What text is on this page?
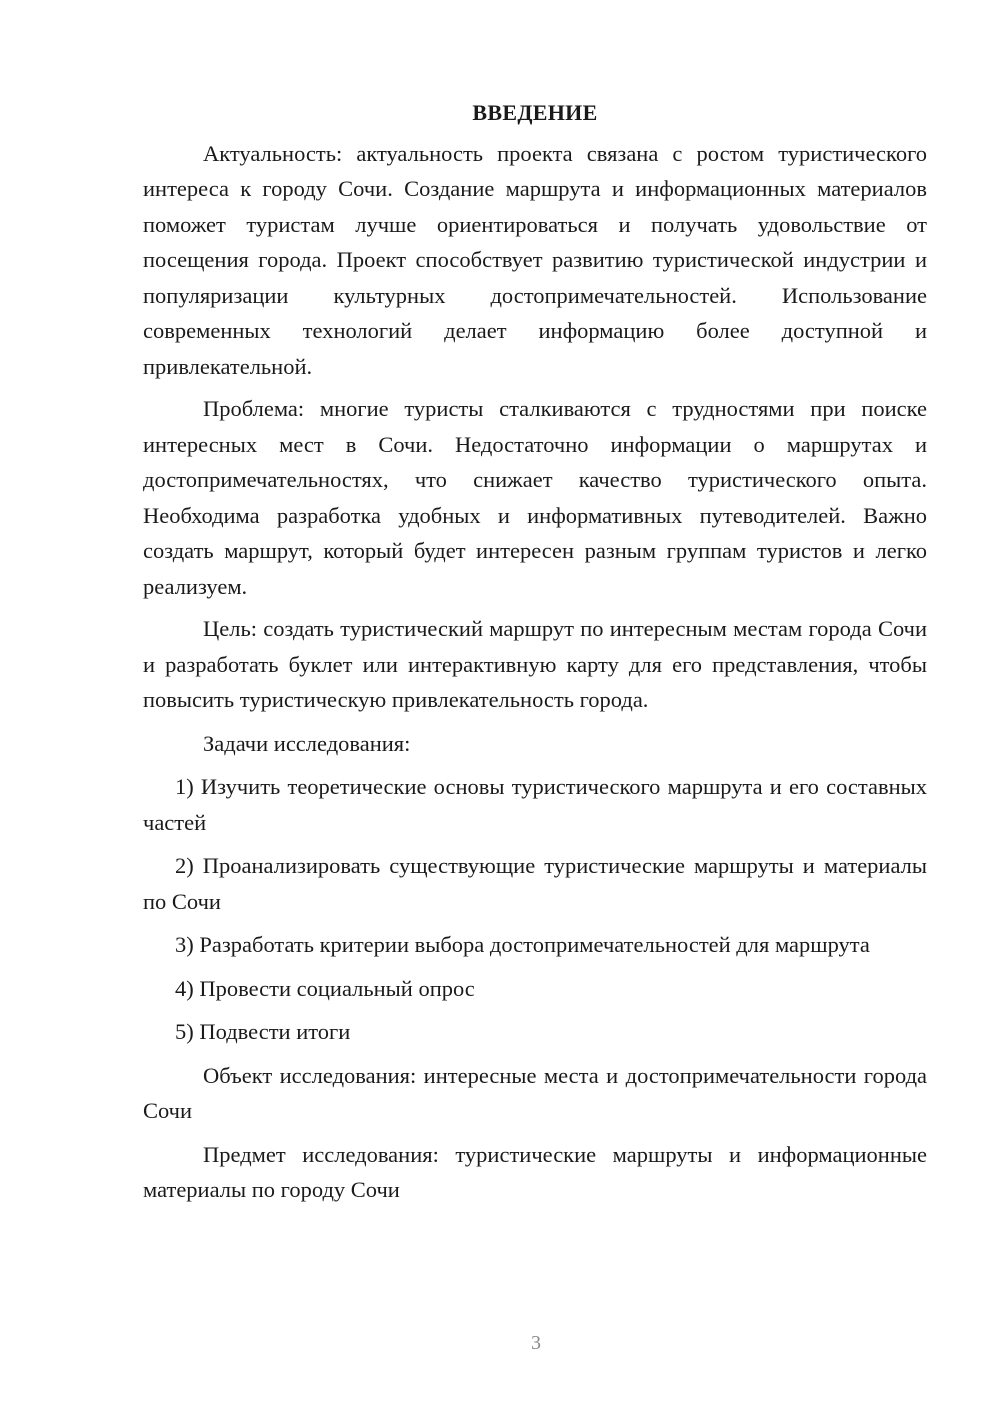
ВВЕДЕНИЕ

Актуальность: актуальность проекта связана с ростом туристического интереса к городу Сочи. Создание маршрута и информационных материалов поможет туристам лучше ориентироваться и получать удовольствие от посещения города. Проект способствует развитию туристической индустрии и популяризации культурных достопримечательностей. Использование современных технологий делает информацию более доступной и привлекательной.

Проблема: многие туристы сталкиваются с трудностями при поиске интересных мест в Сочи. Недостаточно информации о маршрутах и достопримечательностях, что снижает качество туристического опыта. Необходима разработка удобных и информативных путеводителей. Важно создать маршрут, который будет интересен разным группам туристов и легко реализуем.

Цель: создать туристический маршрут по интересным местам города Сочи и разработать буклет или интерактивную карту для его представления, чтобы повысить туристическую привлекательность города.

Задачи исследования:

1) Изучить теоретические основы туристического маршрута и его составных частей

2) Проанализировать существующие туристические маршруты и материалы по Сочи

3) Разработать критерии выбора достопримечательностей для маршрута

4) Провести социальный опрос

5) Подвести итоги

Объект исследования: интересные места и достопримечательности города Сочи

Предмет исследования: туристические маршруты и информационные материалы по городу Сочи

3
